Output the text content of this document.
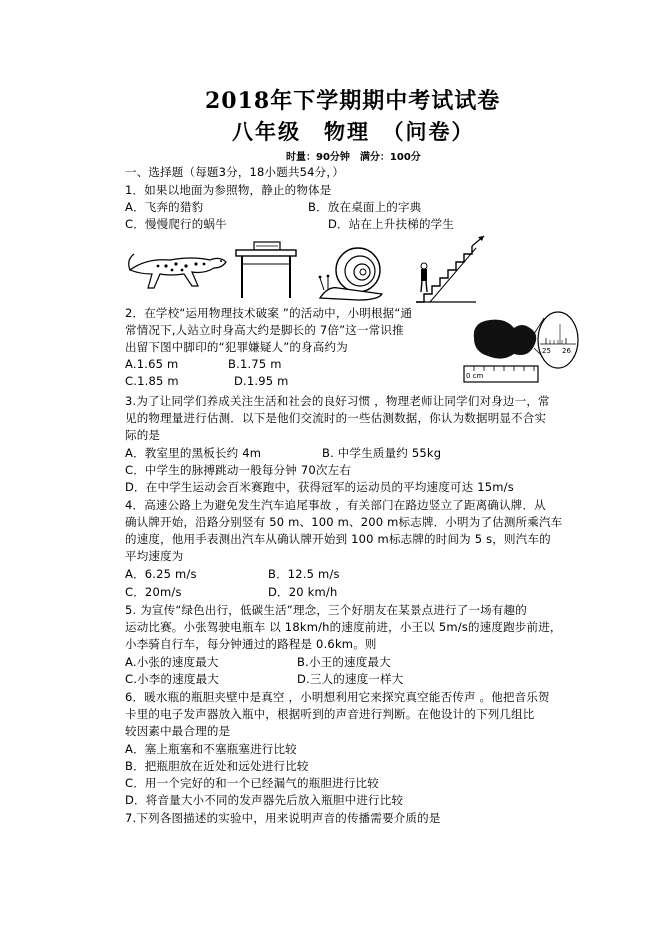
2018年下学期期中考试试卷
八年级　物理　（问卷）
时量：90分钟　满分：100分
一、选择题（每题3分，18小题共54分，）
1．如果以地面为参照物，静止的物体是
A．飞奔的猎豹	B．放在桌面上的字典
C．慢慢爬行的蜗牛	D．站在上升扶梯的学生
2．在学校“运用物理技术破案 ”的活动中，小明根据“通
常情况下,人站立时身高大约是脚长的 7倍”这一常识推
出留下图中脚印的“犯罪嫌疑人”的身高约为
A.1.65 m	B.1.75 m
C.1.85 m	D.1.95 m	0 cm
25 26
3.为了让同学们养成关注生活和社会的良好习惯 ，物理老师让同学们对身边一，常
见的物理量进行估测．以下是他们交流时的一些估测数据，你认为数据明显不合实
际的是
A．教室里的黑板长约 4m	B. 中学生质量约 55kg
C．中学生的脉搏跳动一般每分钟 70次左右
D．在中学生运动会百米赛跑中，获得冠军的运动员的平均速度可达 15m/s
4．高速公路上为避免发生汽车追尾事故 ，有关部门在路边竖立了距离确认牌．从
确认牌开始，沿路分别竖有 50 m、100 m、200 m标志牌．小明为了估测所乘汽车
的速度，他用手表测出汽车从确认牌开始到 100 m标志牌的时间为 5 s，则汽车的
平均速度为
A．6.25 m/s	B．12.5 m/s
C．20m/s	D．20 km/h
5. 为宣传“绿色出行，低碳生活”理念，三个好朋友在某景点进行了一场有趣的
运动比赛。小张驾驶电瓶车 以 18km/h的速度前进，小王以 5m/s的速度跑步前进，
小李骑自行车，每分钟通过的路程是 0.6km。则
A.小张的速度最大	B.小王的速度最大
C.小李的速度最大	D.三人的速度一样大
6．暖水瓶的瓶胆夹壁中是真空 ，小明想利用它来探究真空能否传声 。他把音乐贺
卡里的电子发声器放入瓶中，根据听到的声音进行判断。在他设计的下列几组比
较因素中最合理的是
A．塞上瓶塞和不塞瓶塞进行比较
B．把瓶胆放在近处和远处进行比较
C．用一个完好的和一个已经漏气的瓶胆进行比较
D．将音量大小不同的发声器先后放入瓶胆中进行比较
7.下列各图描述的实验中，用来说明声音的传播需要介质的是
